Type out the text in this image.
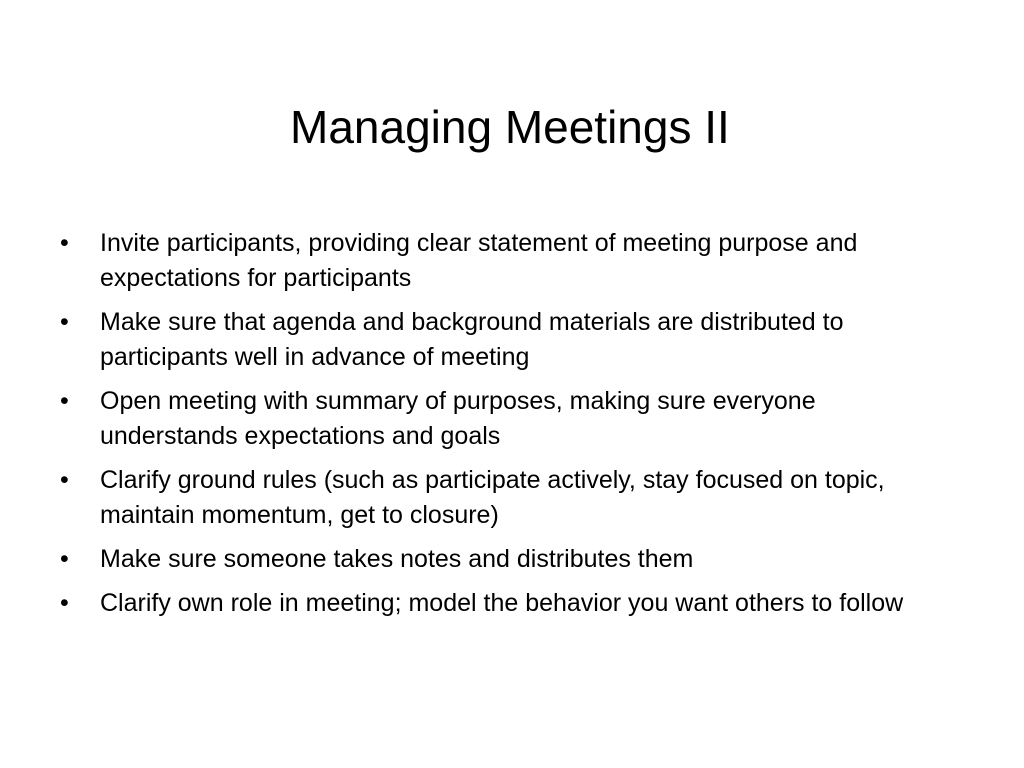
Managing Meetings II
•	Invite participants, providing clear statement of meeting purpose and expectations for participants
•	Make sure that agenda and background materials are distributed to participants well in advance of meeting
•	Open meeting with summary of purposes, making sure everyone understands expectations and goals
•	Clarify ground rules (such as participate actively, stay focused on topic, maintain momentum, get to closure)
•	Make sure someone takes notes and distributes them
•	Clarify own role in meeting; model the behavior you want others to follow
